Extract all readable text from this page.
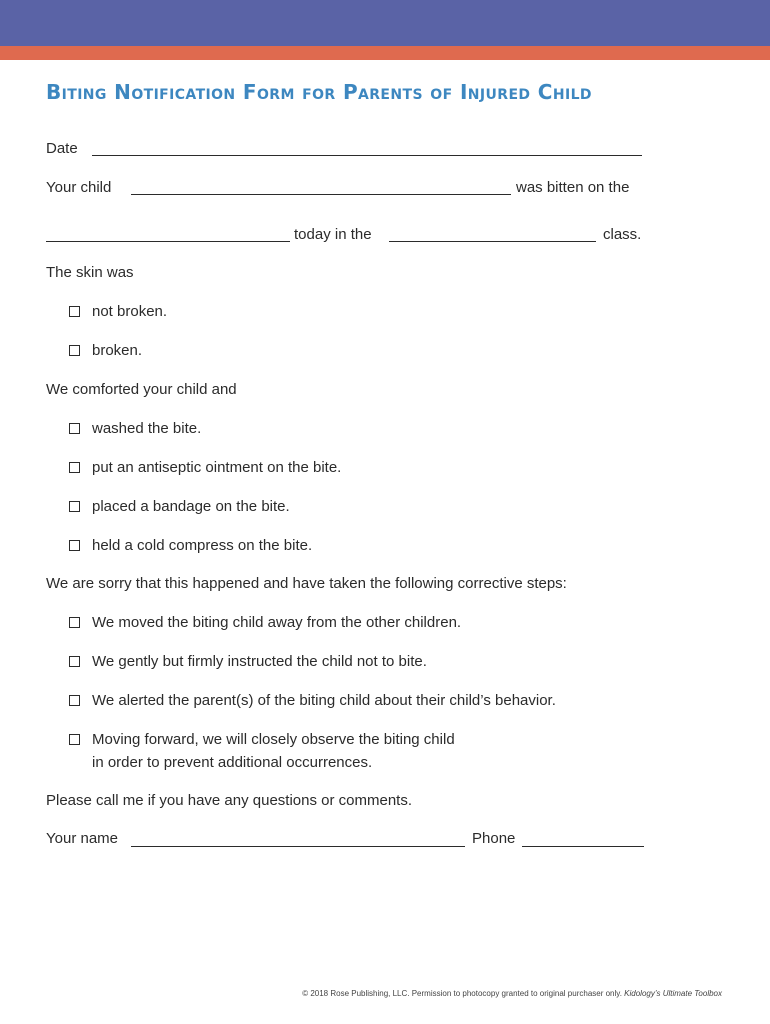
Biting Notification Form for Parents of Injured Child
Date
Your child	was bitten on the
today in the	class.
The skin was
not broken.
broken.
We comforted your child and
washed the bite.
put an antiseptic ointment on the bite.
placed a bandage on the bite.
held a cold compress on the bite.
We are sorry that this happened and have taken the following corrective steps:
We moved the biting child away from the other children.
We gently but firmly instructed the child not to bite.
We alerted the parent(s) of the biting child about their child’s behavior.
Moving forward, we will closely observe the biting child
in order to prevent additional occurrences.
Please call me if you have any questions or comments.
Your name	Phone
© 2018 Rose Publishing, LLC. Permission to photocopy granted to original purchaser only. Kidology’s Ultimate Toolbox
